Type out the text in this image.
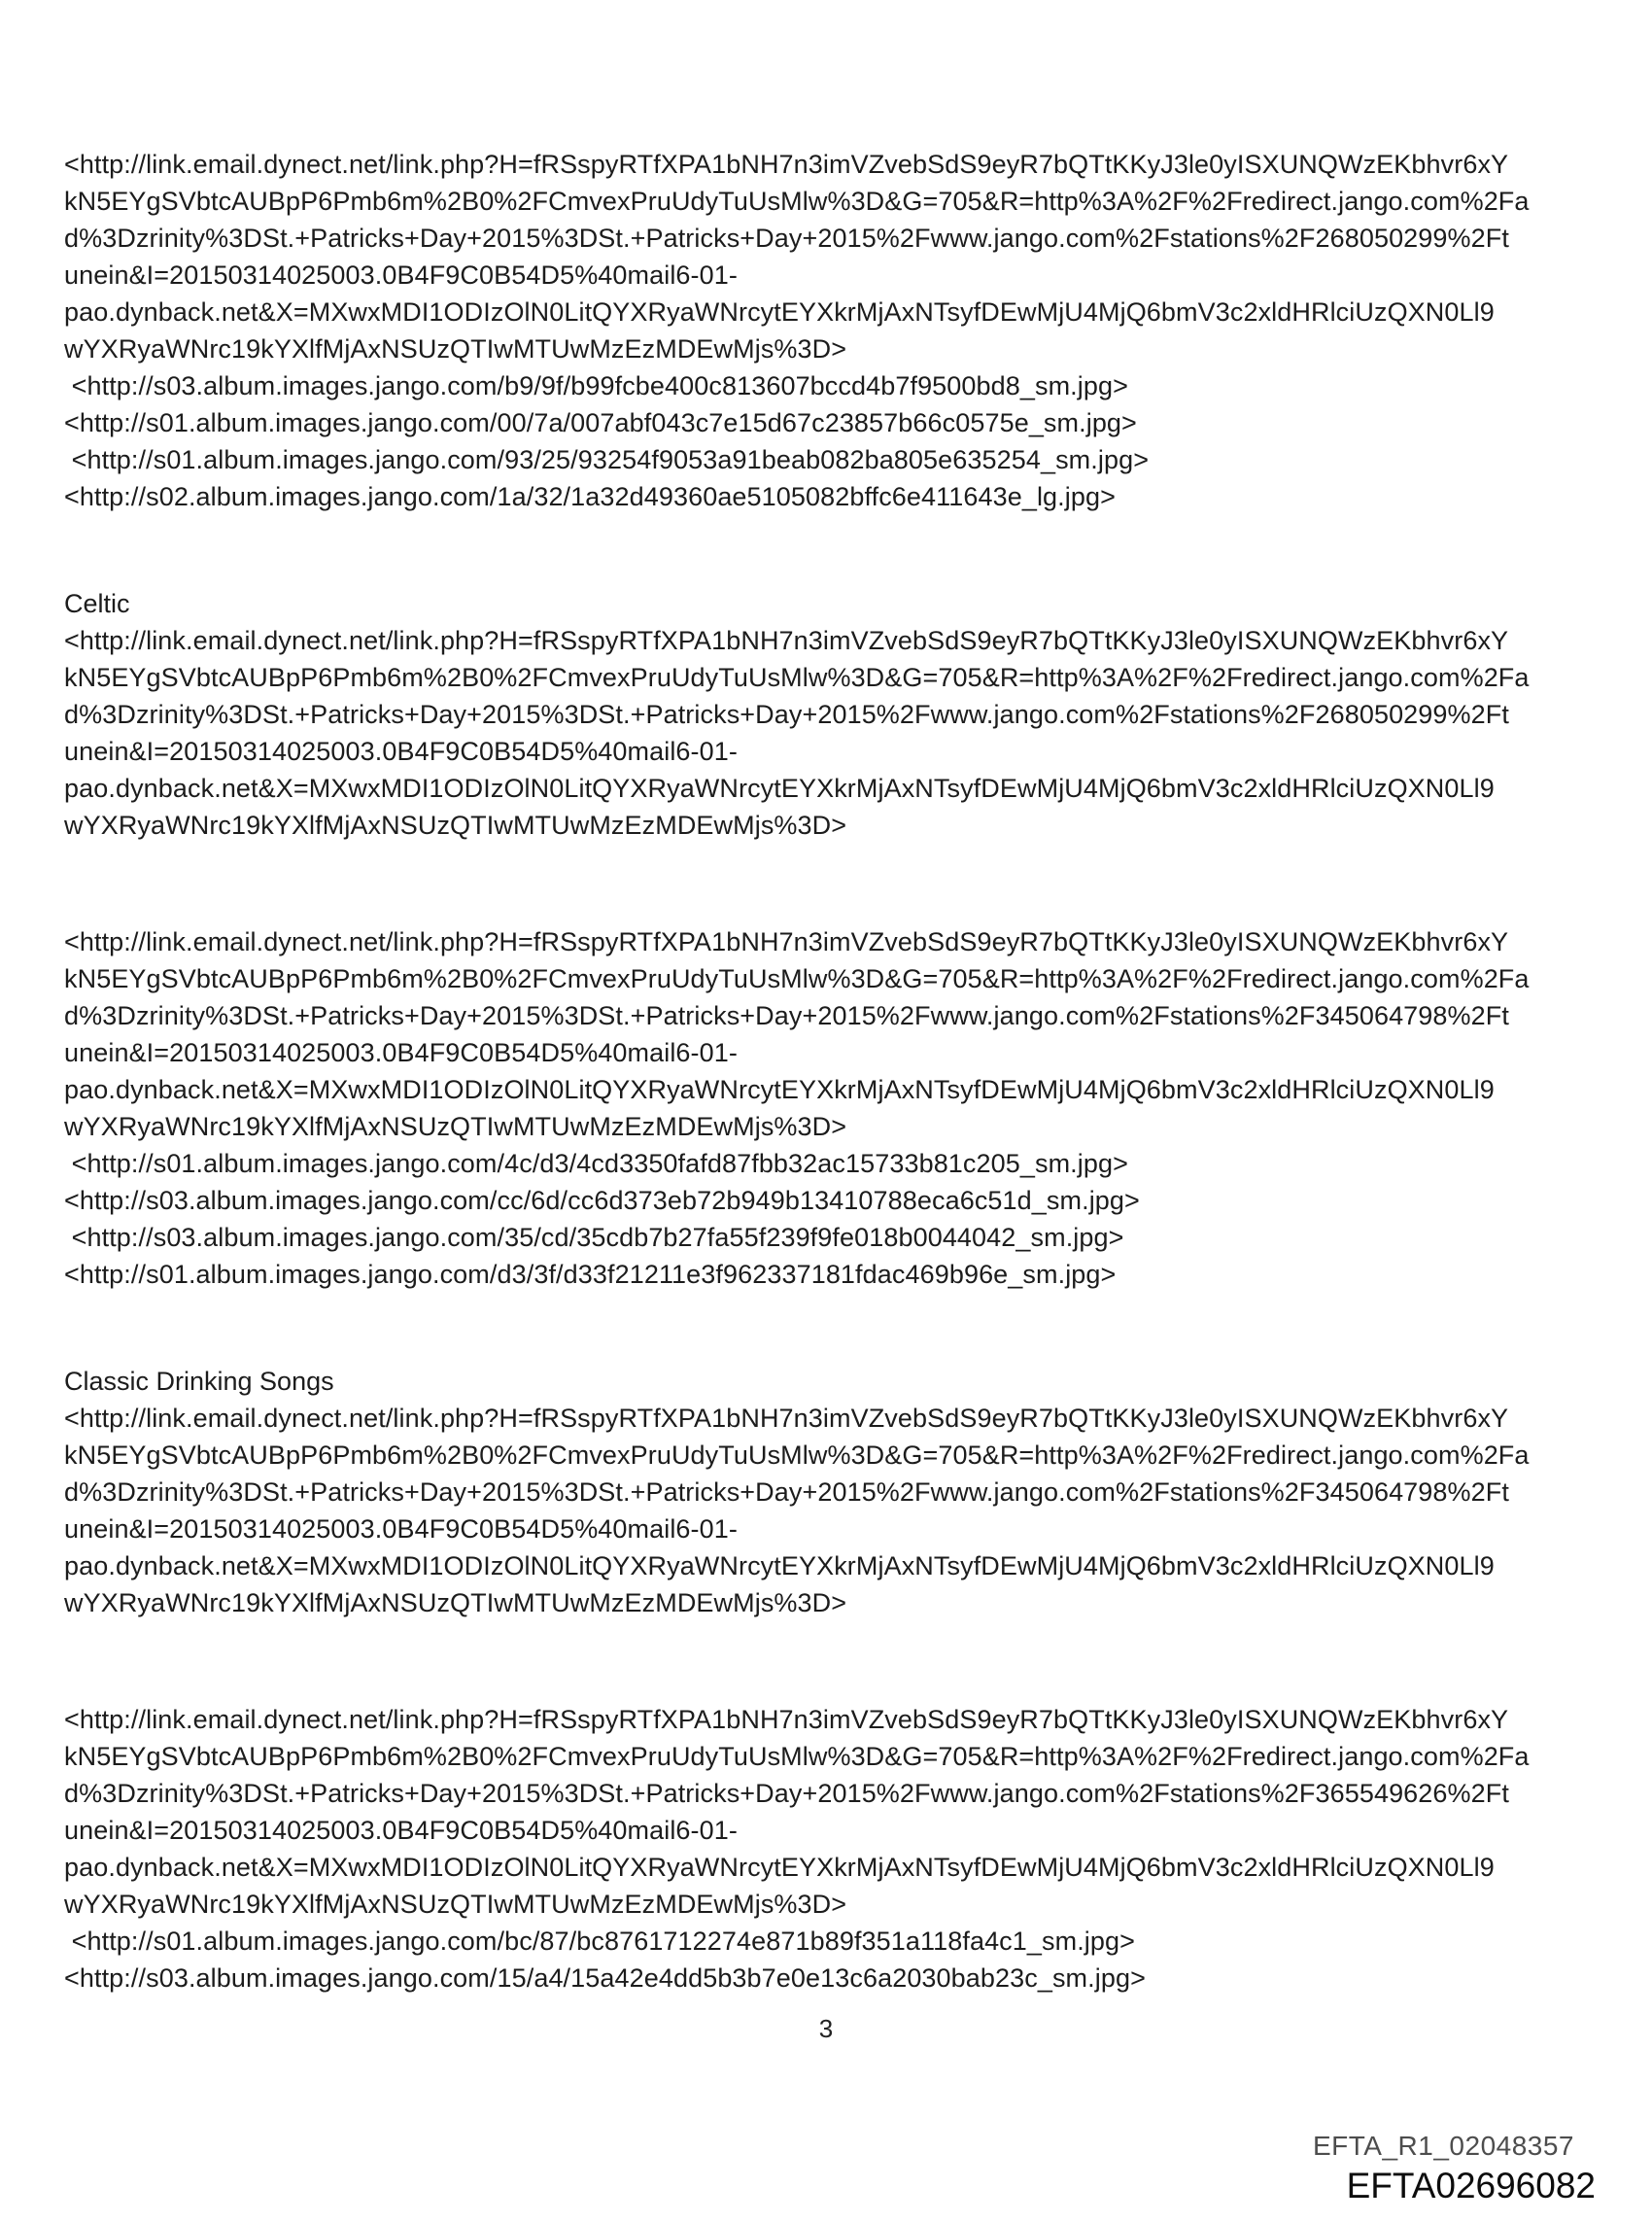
<http://link.email.dynect.net/link.php?H=fRSspyRTfXPA1bNH7n3imVZvebSdS9eyR7bQTtKKyJ3le0yISXUNQWzEKbhvr6xY

kN5EYgSVbtcAUBpP6Pmb6m%2B0%2FCmvexPruUdyTuUsMlw%3D&G=705&R=http%3A%2F%2Fredirect.jango.com%2Fa

d%3Dzrinity%3DSt.+Patricks+Day+2015%3DSt.+Patricks+Day+2015%2Fwww.jango.com%2Fstations%2F268050299%2Ft

unein&I=20150314025003.0B4F9C0B54D5%40mail6-01-

pao.dynback.net&X=MXwxMDI1ODIzOlN0LitQYXRyaWNrcytEYXkrMjAxNTsyfDEwMjU4MjQ6bmV3c2xldHRlciUzQXN0Ll9

wYXRyaWNrc19kYXlfMjAxNSUzQTIwMTUwMzEzMDEwMjs%3D>

<http://s03.album.images.jango.com/b9/9f/b99fcbe400c813607bccd4b7f9500bd8_sm.jpg>

<http://s01.album.images.jango.com/00/7a/007abf043c7e15d67c23857b66c0575e_sm.jpg>

<http://s01.album.images.jango.com/93/25/93254f9053a91beab082ba805e635254_sm.jpg>

<http://s02.album.images.jango.com/1a/32/1a32d49360ae5105082bffc6e411643e_lg.jpg>

Celtic

<http://link.email.dynect.net/link.php?H=fRSspyRTfXPA1bNH7n3imVZvebSdS9eyR7bQTtKKyJ3le0yISXUNQWzEKbhvr6xY

kN5EYgSVbtcAUBpP6Pmb6m%2B0%2FCmvexPruUdyTuUsMlw%3D&G=705&R=http%3A%2F%2Fredirect.jango.com%2Fa

d%3Dzrinity%3DSt.+Patricks+Day+2015%3DSt.+Patricks+Day+2015%2Fwww.jango.com%2Fstations%2F268050299%2Ft

unein&I=20150314025003.0B4F9C0B54D5%40mail6-01-

pao.dynback.net&X=MXwxMDI1ODIzOlN0LitQYXRyaWNrcytEYXkrMjAxNTsyfDEwMjU4MjQ6bmV3c2xldHRlciUzQXN0Ll9

wYXRyaWNrc19kYXlfMjAxNSUzQTIwMTUwMzEzMDEwMjs%3D>

<http://link.email.dynect.net/link.php?H=fRSspyRTfXPA1bNH7n3imVZvebSdS9eyR7bQTtKKyJ3le0yISXUNQWzEKbhvr6xY

kN5EYgSVbtcAUBpP6Pmb6m%2B0%2FCmvexPruUdyTuUsMlw%3D&G=705&R=http%3A%2F%2Fredirect.jango.com%2Fa

d%3Dzrinity%3DSt.+Patricks+Day+2015%3DSt.+Patricks+Day+2015%2Fwww.jango.com%2Fstations%2F345064798%2Ft

unein&I=20150314025003.0B4F9C0B54D5%40mail6-01-

pao.dynback.net&X=MXwxMDI1ODIzOlN0LitQYXRyaWNrcytEYXkrMjAxNTsyfDEwMjU4MjQ6bmV3c2xldHRlciUzQXN0Ll9

wYXRyaWNrc19kYXlfMjAxNSUzQTIwMTUwMzEzMDEwMjs%3D>

<http://s01.album.images.jango.com/4c/d3/4cd3350fafd87fbb32ac15733b81c205_sm.jpg>

<http://s03.album.images.jango.com/cc/6d/cc6d373eb72b949b13410788eca6c51d_sm.jpg>

<http://s03.album.images.jango.com/35/cd/35cdb7b27fa55f239f9fe018b0044042_sm.jpg>

<http://s01.album.images.jango.com/d3/3f/d33f21211e3f962337181fdac469b96e_sm.jpg>

Classic Drinking Songs

<http://link.email.dynect.net/link.php?H=fRSspyRTfXPA1bNH7n3imVZvebSdS9eyR7bQTtKKyJ3le0yISXUNQWzEKbhvr6xY

kN5EYgSVbtcAUBpP6Pmb6m%2B0%2FCmvexPruUdyTuUsMlw%3D&G=705&R=http%3A%2F%2Fredirect.jango.com%2Fa

d%3Dzrinity%3DSt.+Patricks+Day+2015%3DSt.+Patricks+Day+2015%2Fwww.jango.com%2Fstations%2F345064798%2Ft

unein&I=20150314025003.0B4F9C0B54D5%40mail6-01-

pao.dynback.net&X=MXwxMDI1ODIzOlN0LitQYXRyaWNrcytEYXkrMjAxNTsyfDEwMjU4MjQ6bmV3c2xldHRlciUzQXN0Ll9

wYXRyaWNrc19kYXlfMjAxNSUzQTIwMTUwMzEzMDEwMjs%3D>

<http://link.email.dynect.net/link.php?H=fRSspyRTfXPA1bNH7n3imVZvebSdS9eyR7bQTtKKyJ3le0yISXUNQWzEKbhvr6xY

kN5EYgSVbtcAUBpP6Pmb6m%2B0%2FCmvexPruUdyTuUsMlw%3D&G=705&R=http%3A%2F%2Fredirect.jango.com%2Fa

d%3Dzrinity%3DSt.+Patricks+Day+2015%3DSt.+Patricks+Day+2015%2Fwww.jango.com%2Fstations%2F365549626%2Ft

unein&I=20150314025003.0B4F9C0B54D5%40mail6-01-

pao.dynback.net&X=MXwxMDI1ODIzOlN0LitQYXRyaWNrcytEYXkrMjAxNTsyfDEwMjU4MjQ6bmV3c2xldHRlciUzQXN0Ll9

wYXRyaWNrc19kYXlfMjAxNSUzQTIwMTUwMzEzMDEwMjs%3D>

<http://s01.album.images.jango.com/bc/87/bc8761712274e871b89f351a118fa4c1_sm.jpg>

<http://s03.album.images.jango.com/15/a4/15a42e4dd5b3b7e0e13c6a2030bab23c_sm.jpg>

3
EFTA_R1_02048357
EFTA02696082
